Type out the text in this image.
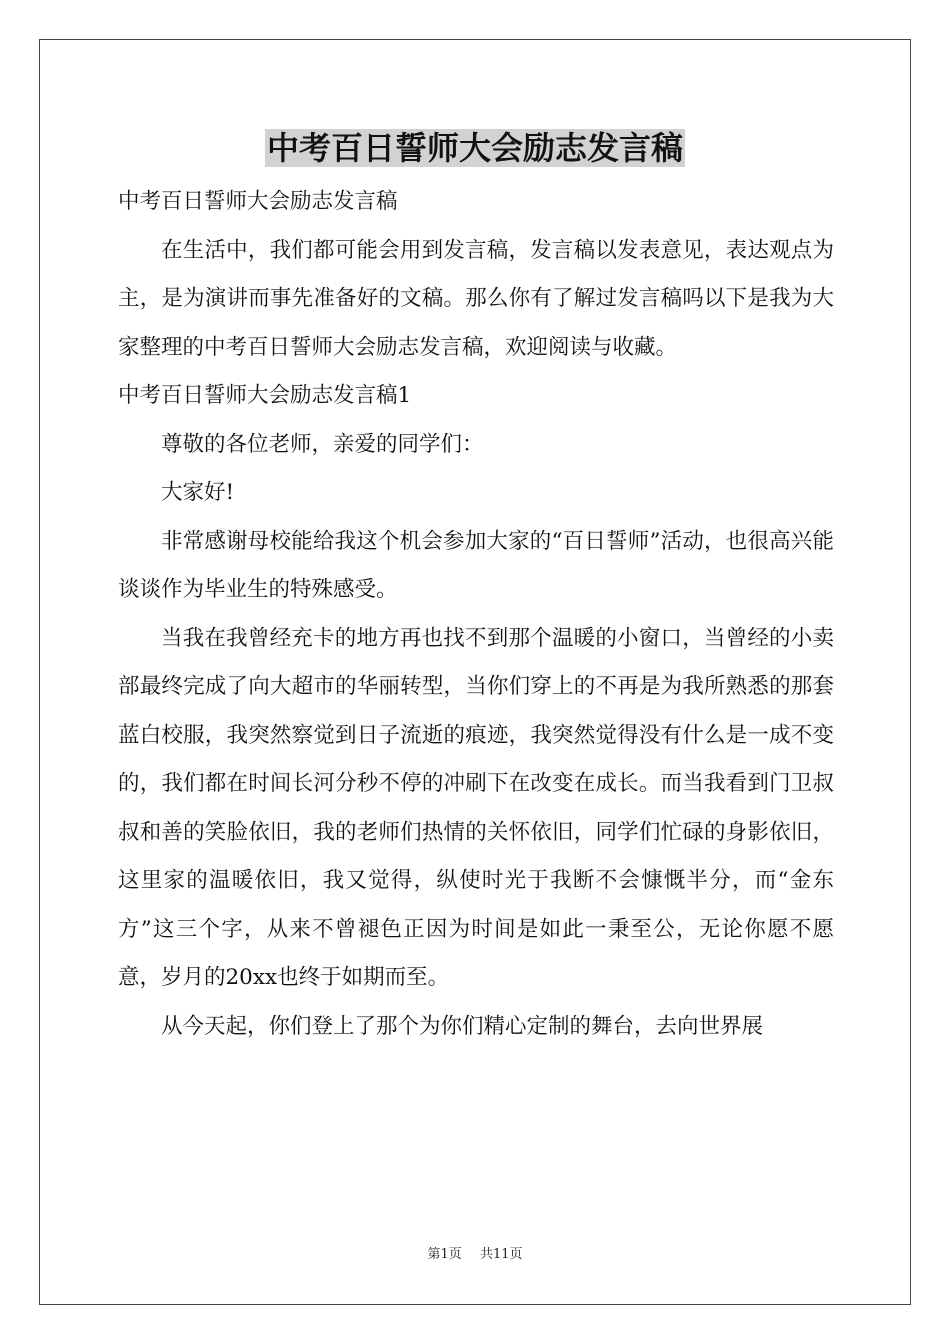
中考百日誓师大会励志发言稿

中考百日誓师大会励志发言稿

在生活中，我们都可能会用到发言稿，发言稿以发表意见，表达观点为主，是为演讲而事先准备好的文稿。那么你有了解过发言稿吗以下是我为大家整理的中考百日誓师大会励志发言稿，欢迎阅读与收藏。

中考百日誓师大会励志发言稿1

尊敬的各位老师，亲爱的同学们：

大家好!

非常感谢母校能给我这个机会参加大家的“百日誓师”活动，也很高兴能谈谈作为毕业生的特殊感受。

当我在我曾经充卡的地方再也找不到那个温暖的小窗口，当曾经的小卖部最终完成了向大超市的华丽转型，当你们穿上的不再是为我所熟悉的那套蓝白校服，我突然察觉到日子流逝的痕迹，我突然觉得没有什么是一成不变的，我们都在时间长河分秒不停的冲刷下在改变在成长。而当我看到门卫叔叔和善的笑脸依旧，我的老师们热情的关怀依旧，同学们忙碌的身影依旧，这里家的温暖依旧，我又觉得，纵使时光于我断不会慷慨半分，而“金东方”这三个字，从来不曾褪色正因为时间是如此一秉至公，无论你愿不愿意，岁月的20xx也终于如期而至。

从今天起，你们登上了那个为你们精心定制的舞台，去向世界展

第1页 共11页
